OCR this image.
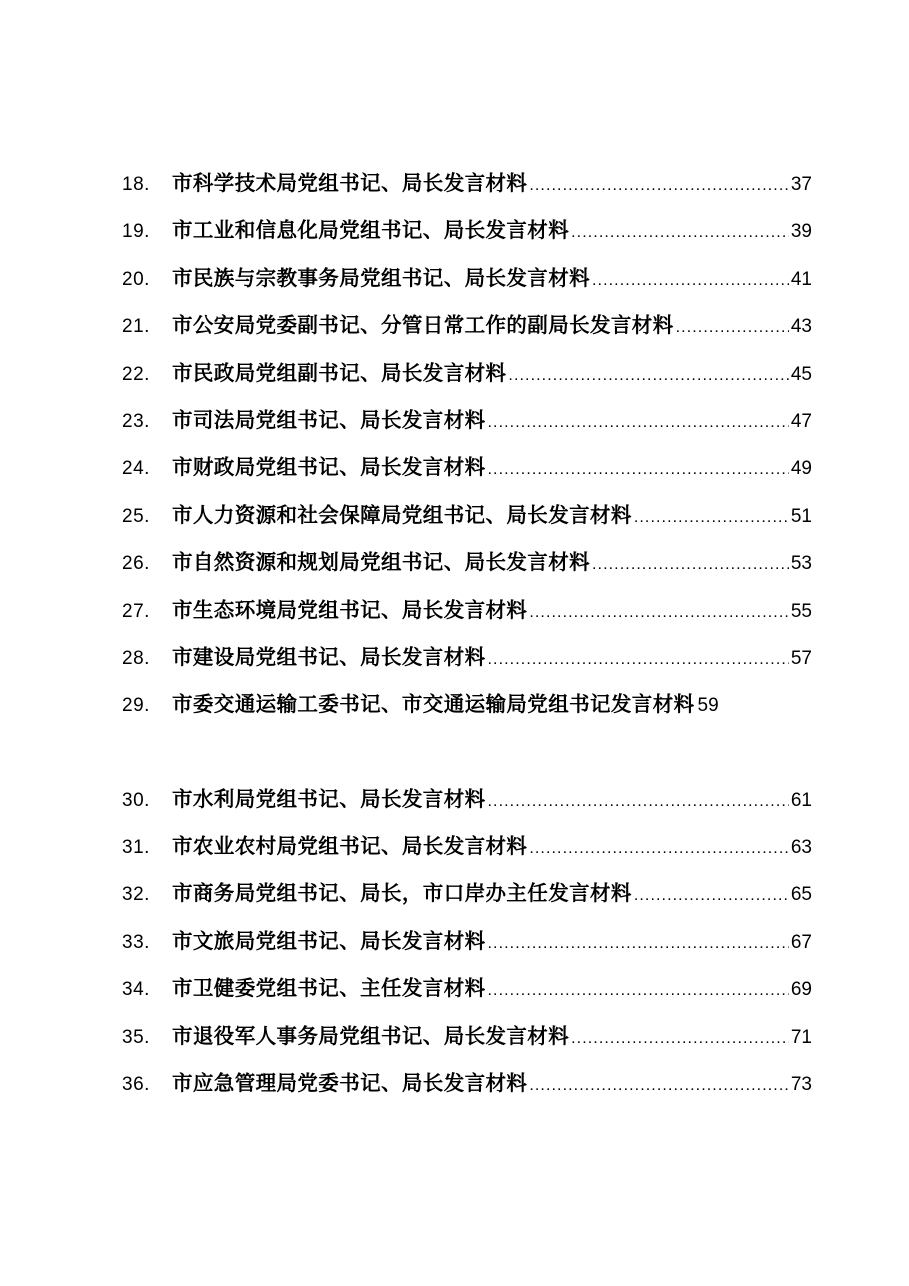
18.	市科学技术局党组书记、局长发言材料 .....	37
19.	市工业和信息化局党组书记、局长发言材料 .....	39
20.	市民族与宗教事务局党组书记、局长发言材料 .....	41
21.	市公安局党委副书记、分管日常工作的副局长发言材料 .....	43
22.	市民政局党组副书记、局长发言材料 .....	45
23.	市司法局党组书记、局长发言材料 .....	47
24.	市财政局党组书记、局长发言材料 .....	49
25.	市人力资源和社会保障局党组书记、局长发言材料 .....	51
26.	市自然资源和规划局党组书记、局长发言材料 .....	53
27.	市生态环境局党组书记、局长发言材料 .....	55
28.	市建设局党组书记、局长发言材料 .....	57
29.	市委交通运输工委书记、市交通运输局党组书记发言材料 59
30.	市水利局党组书记、局长发言材料 .....	61
31.	市农业农村局党组书记、局长发言材料 .....	63
32.	市商务局党组书记、局长，市口岸办主任发言材料 .....	65
33.	市文旅局党组书记、局长发言材料 .....	67
34.	市卫健委党组书记、主任发言材料 .....	69
35.	市退役军人事务局党组书记、局长发言材料 .....	71
36.	市应急管理局党委书记、局长发言材料 .....	73
